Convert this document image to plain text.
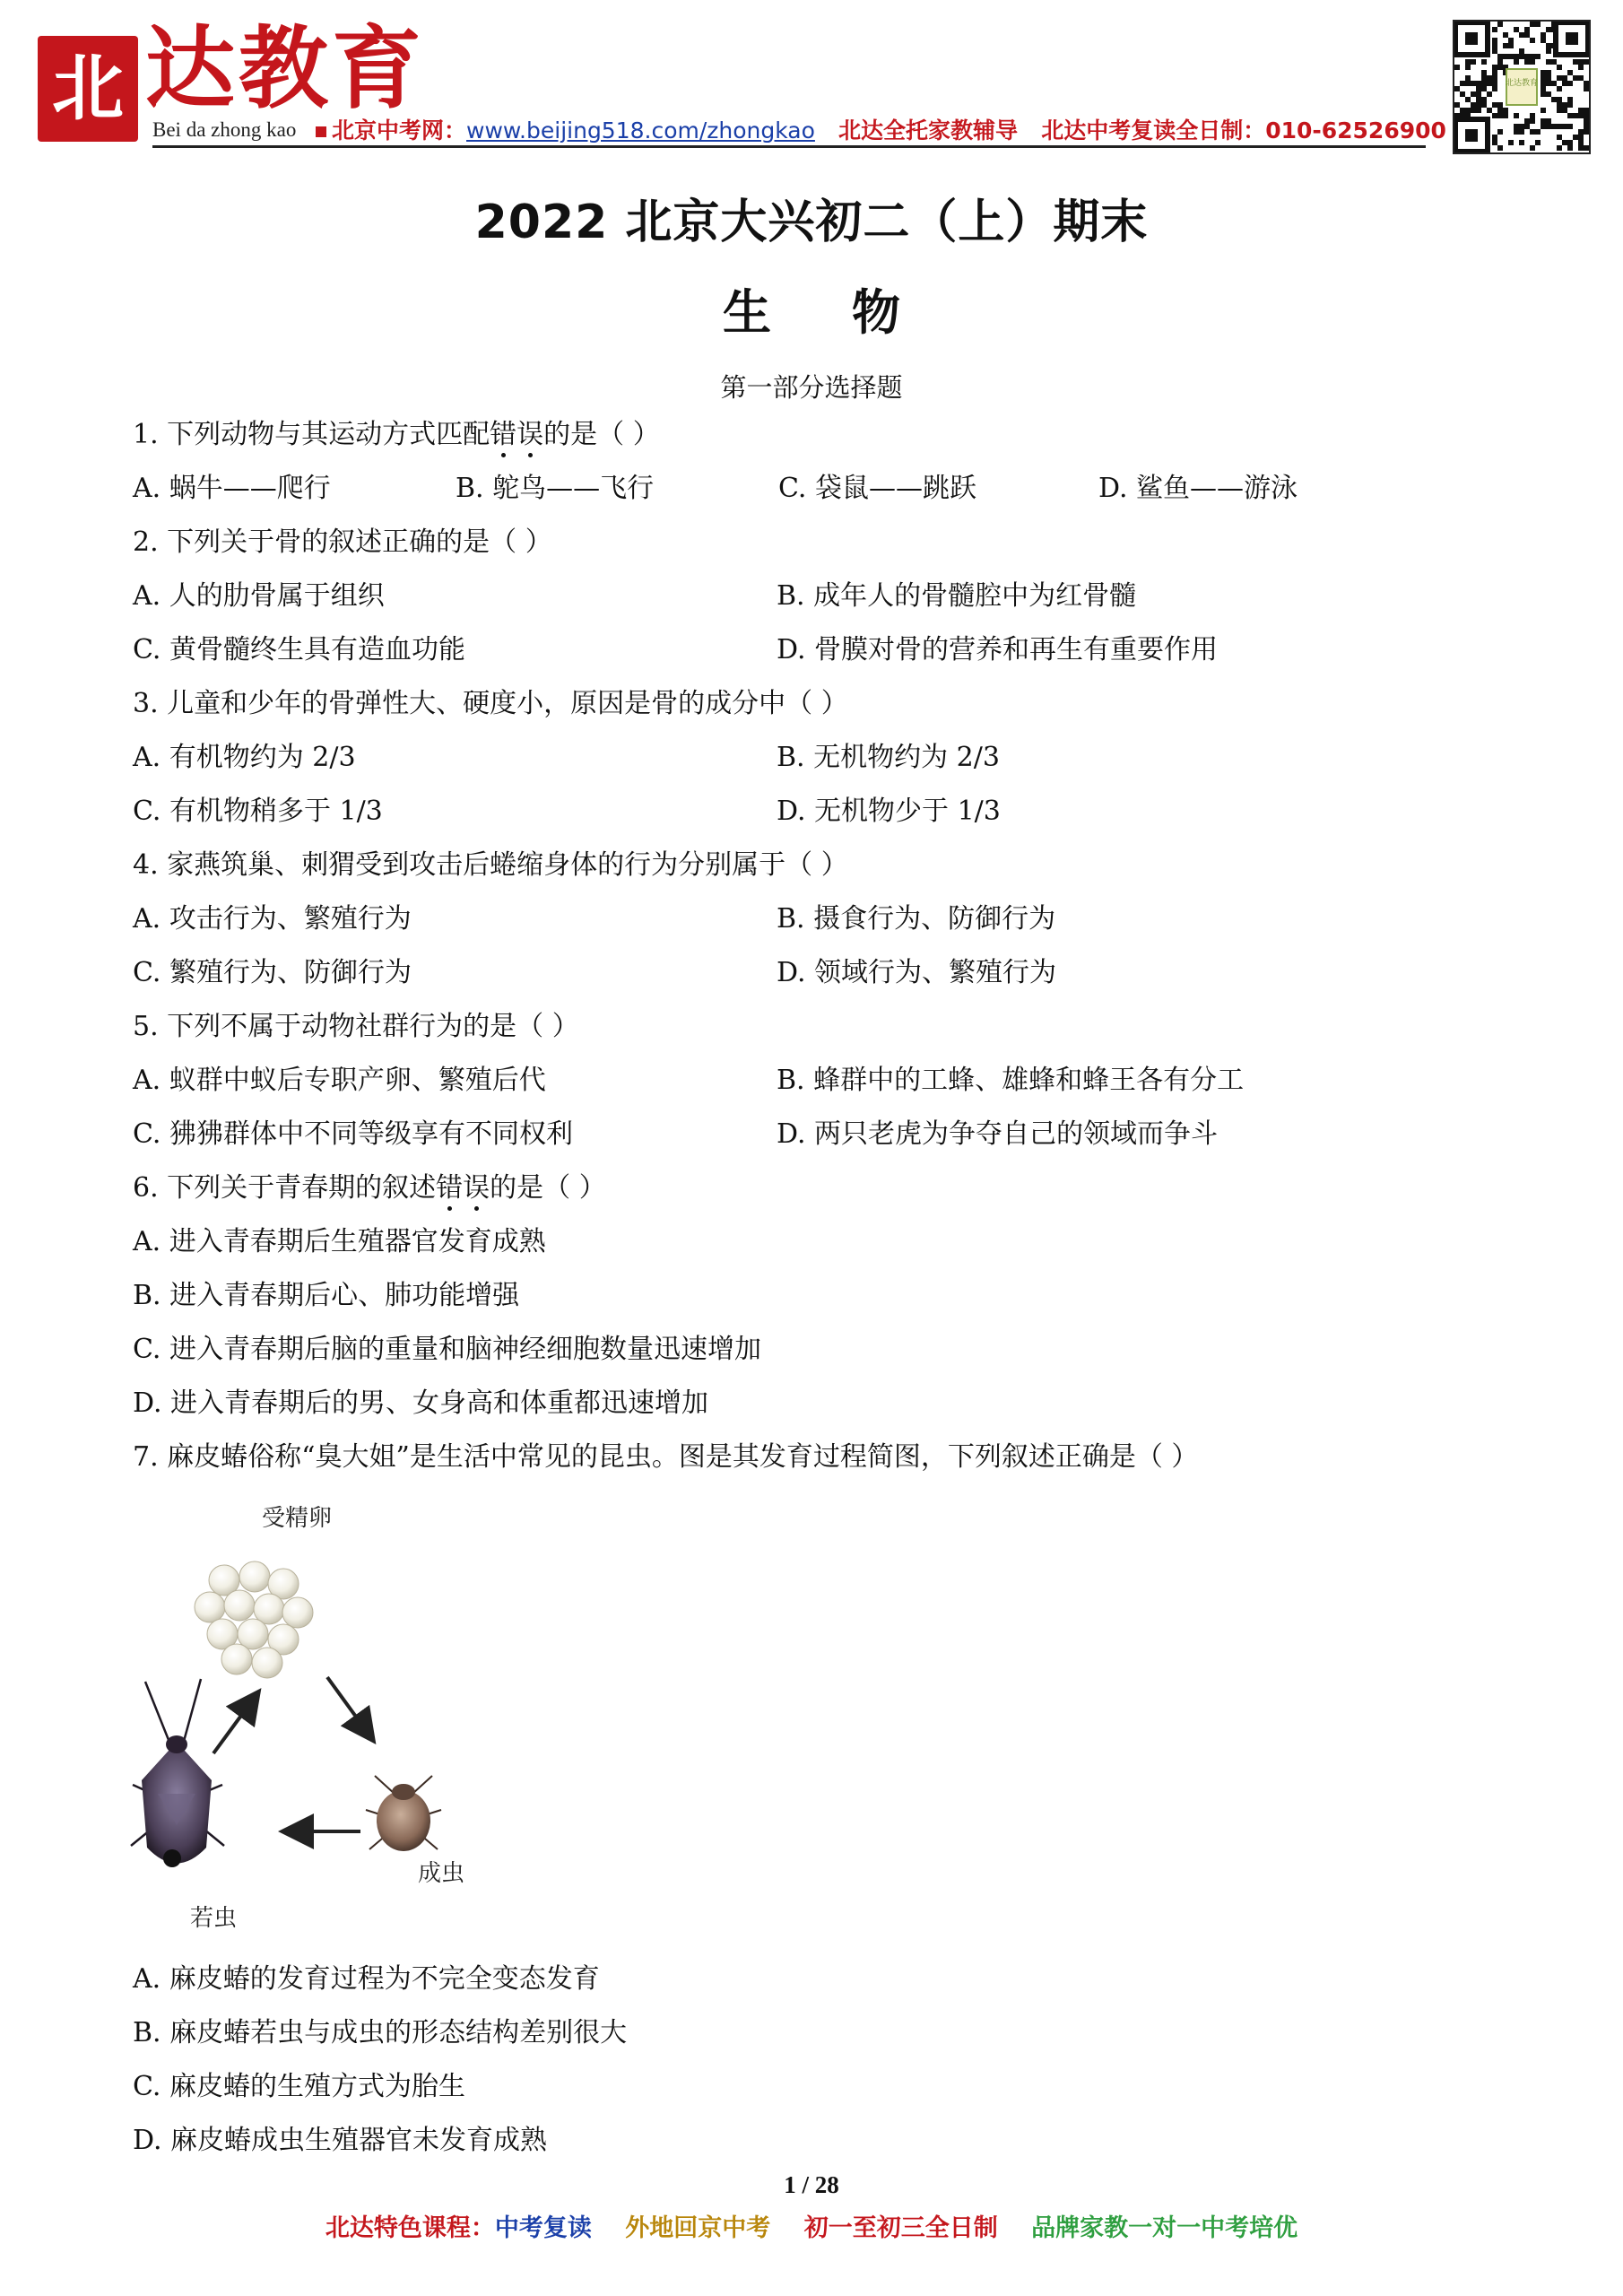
北 达教育
Bei da zhong kao	北京中考网：www.beijing518.com/zhongkao 北达全托家教辅导 北达中考复读全日制：010-62526900
北达教育
2022 北京大兴初二（上）期末
生物
第一部分选择题
1. 下列动物与其运动方式匹配错误的是（ ）
A. 蜗牛——爬行	B. 鸵鸟——飞行	C. 袋鼠——跳跃	D. 鲨鱼——游泳
2. 下列关于骨的叙述正确的是（ ）
A. 人的肋骨属于组织	B. 成年人的骨髓腔中为红骨髓
C. 黄骨髓终生具有造血功能	D. 骨膜对骨的营养和再生有重要作用
3. 儿童和少年的骨弹性大、硬度小，原因是骨的成分中（ ）
A. 有机物约为 2/3	B. 无机物约为 2/3
C. 有机物稍多于 1/3	D. 无机物少于 1/3
4. 家燕筑巢、刺猬受到攻击后蜷缩身体的行为分别属于（ ）
A. 攻击行为、繁殖行为	B. 摄食行为、防御行为
C. 繁殖行为、防御行为	D. 领域行为、繁殖行为
5. 下列不属于动物社群行为的是（ ）
A. 蚁群中蚁后专职产卵、繁殖后代	B. 蜂群中的工蜂、雄蜂和蜂王各有分工
C. 狒狒群体中不同等级享有不同权利	D. 两只老虎为争夺自己的领域而争斗
6. 下列关于青春期的叙述错误的是（ ）
A. 进入青春期后生殖器官发育成熟
B. 进入青春期后心、肺功能增强
C. 进入青春期后脑的重量和脑神经细胞数量迅速增加
D. 进入青春期后的男、女身高和体重都迅速增加
7. 麻皮蝽俗称“臭大姐”是生活中常见的昆虫。图是其发育过程简图，下列叙述正确是（ ）
受精卵
成虫
若虫
A. 麻皮蝽的发育过程为不完全变态发育
B. 麻皮蝽若虫与成虫的形态结构差别很大
C. 麻皮蝽的生殖方式为胎生
D. 麻皮蝽成虫生殖器官未发育成熟
1 / 28
北达特色课程：中考复读 外地回京中考 初一至初三全日制 品牌家教一对一中考培优
